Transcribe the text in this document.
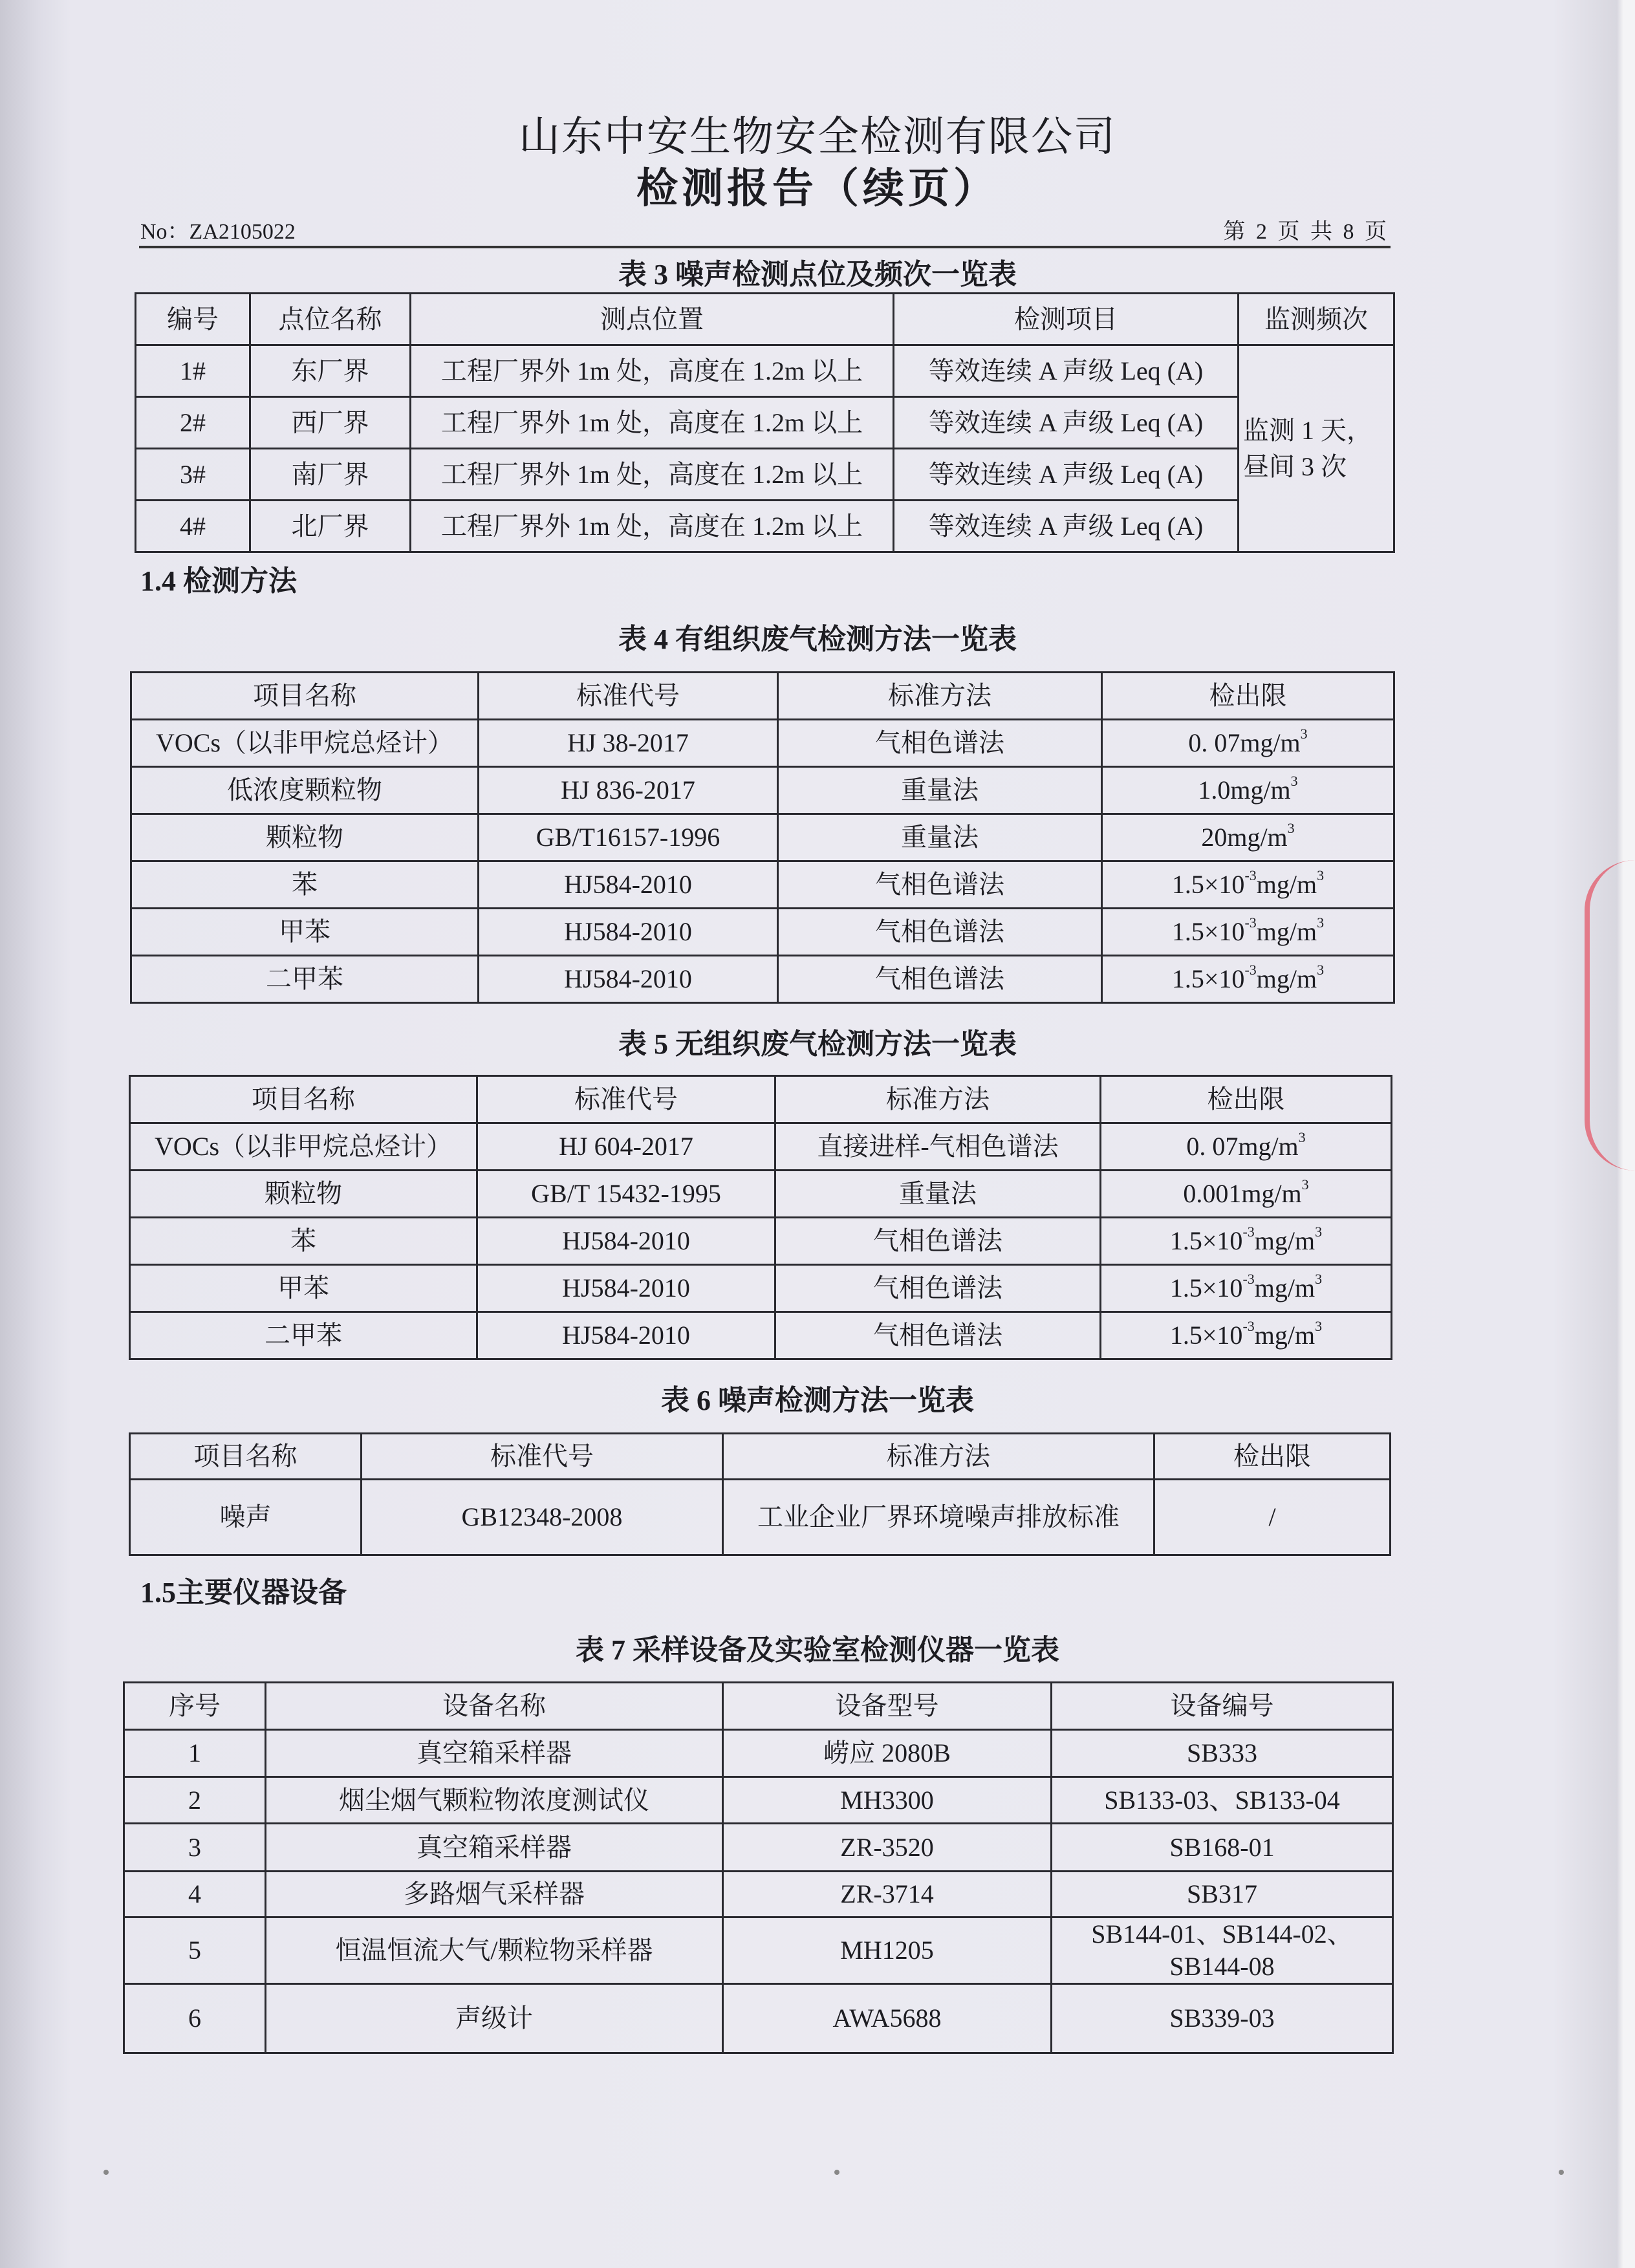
山东中安生物安全检测有限公司
检测报告（续页）
No：ZA2105022	第 2 页 共 8 页
表 3 噪声检测点位及频次一览表
编号	点位名称	测点位置	检测项目	监测频次
1#	东厂界	工程厂界外 1m 处，高度在 1.2m 以上	等效连续 A 声级 Leq (A)	监测 1 天，昼间 3 次
2#	西厂界	工程厂界外 1m 处，高度在 1.2m 以上	等效连续 A 声级 Leq (A)	
3#	南厂界	工程厂界外 1m 处，高度在 1.2m 以上	等效连续 A 声级 Leq (A)	
4#	北厂界	工程厂界外 1m 处，高度在 1.2m 以上	等效连续 A 声级 Leq (A)	
1.4 检测方法
表 4 有组织废气检测方法一览表
项目名称	标准代号	标准方法	检出限
VOCs（以非甲烷总烃计）	HJ 38-2017	气相色谱法	0. $07mg/m^3$
低浓度颗粒物	HJ 836-2017	重量法	$1.0mg/m^3$
颗粒物	GB/T16157-1996	重量法	$20mg/m^3$
苯	HJ584-2010	气相色谱法	$1.5\times 10^{-3}mg/m^3$
甲苯	HJ584-2010	气相色谱法	$1.5\times 10^{-3}mg/m^3$
二甲苯	HJ584-2010	气相色谱法	$1.5\times 10^{-3}mg/m^3$
表 5 无组织废气检测方法一览表
项目名称	标准代号	标准方法	检出限
VOCs（以非甲烷总烃计）	HJ 604-2017	直接进样-气相色谱法	0. $07mg/m^3$
颗粒物	GB/T 15432-1995	重量法	$0.001mg/m^3$
苯	HJ584-2010	气相色谱法	$1.5\times 10^{-3}mg/m^3$
甲苯	HJ584-2010	气相色谱法	$1.5\times 10^{-3}mg/m^3$
二甲苯	HJ584-2010	气相色谱法	$1.5\times 10^{-3}mg/m^3$
表 6 噪声检测方法一览表
项目名称	标准代号	标准方法	检出限
噪声	GB12348-2008	工业企业厂界环境噪声排放标准	/
1.5主要仪器设备
表 7 采样设备及实验室检测仪器一览表
序号	设备名称	设备型号	设备编号
1	真空箱采样器	崂应 2080B	SB333
2	烟尘烟气颗粒物浓度测试仪	MH3300	SB133-03、SB133-04
3	真空箱采样器	ZR-3520	SB168-01
4	多路烟气采样器	ZR-3714	SB317
5	恒温恒流大气/颗粒物采样器	MH1205	SB144-01、SB144-02、SB144-08
6	声级计	AWA5688	SB339-03
